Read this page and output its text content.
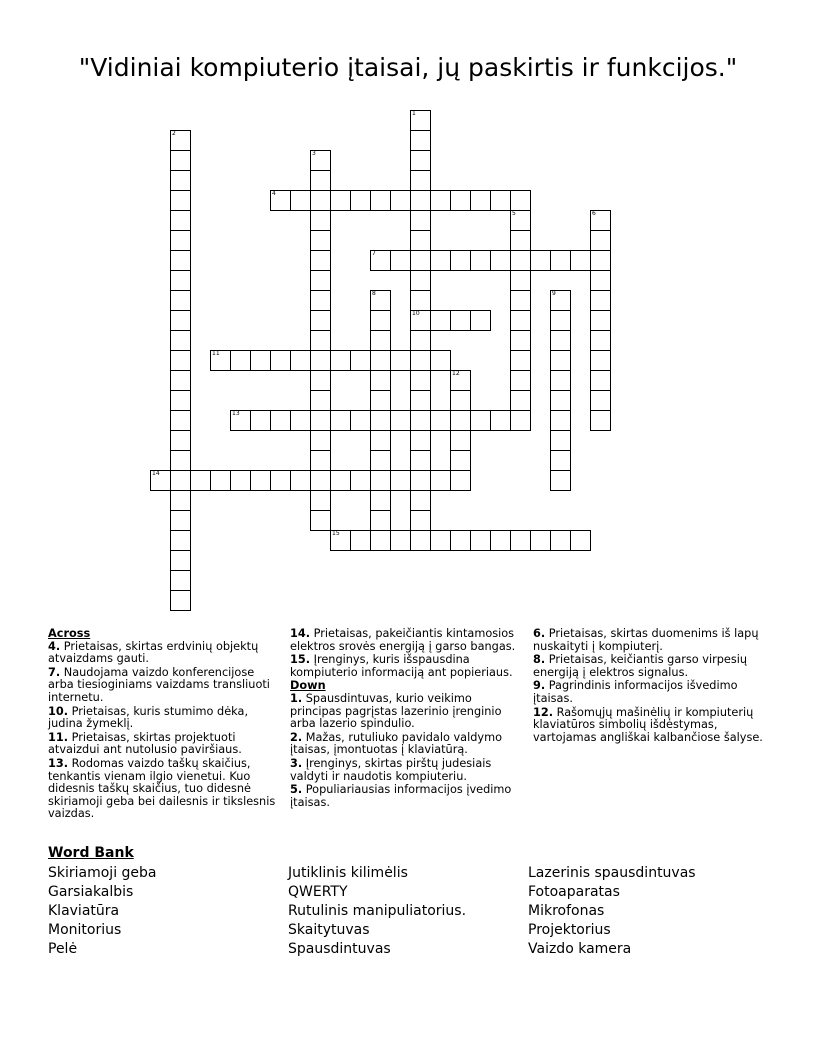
"Vidiniai kompiuterio įtaisai, jų paskirtis ir funkcijos."
1
10
2
3
4
5	6
7
8	9
11
12
13
14
15
Across

4. Prietaisas, skirtas erdvinių objektų atvaizdams gauti.

7. Naudojama vaizdo konferencijose arba tiesioginiams vaizdams transliuoti internetu.

10. Prietaisas, kuris stumimo dėka, judina žymeklį.

11. Prietaisas, skirtas projektuoti atvaizdui ant nutolusio paviršiaus.

13. Rodomas vaizdo taškų skaičius, tenkantis vienam ilgio vienetui. Kuo didesnis taškų skaičius, tuo didesnė skiriamoji geba bei dailesnis ir tikslesnis vaizdas.

14. Prietaisas, pakeičiantis kintamosios elektros srovės energiją į garso bangas.

15. Įrenginys, kuris išspausdina kompiuterio informaciją ant popieriaus.

Down

1. Spausdintuvas, kurio veikimo principas pagrįstas lazerinio įrenginio arba lazerio spindulio.

2. Mažas, rutuliuko pavidalo valdymo įtaisas, įmontuotas į klaviatūrą.

3. Įrenginys, skirtas pirštų judesiais valdyti ir naudotis kompiuteriu.

5. Populiariausias informacijos įvedimo įtaisas.

6. Prietaisas, skirtas duomenims iš lapų nuskaityti į kompiuterį.

8. Prietaisas, keičiantis garso virpesių energiją į elektros signalus.

9. Pagrindinis informacijos išvedimo įtaisas.

12. Rašomųjų mašinėlių ir kompiuterių klaviatūros simbolių išdėstymas, vartojamas angliškai kalbančiose šalyse.

Word Bank
Skiriamoji geba
Garsiakalbis
Klaviatūra
Monitorius
Pelė
Jutiklinis kilimėlis
QWERTY
Rutulinis manipuliatorius.
Skaitytuvas
Spausdintuvas
Lazerinis spausdintuvas
Fotoaparatas
Mikrofonas
Projektorius
Vaizdo kamera
